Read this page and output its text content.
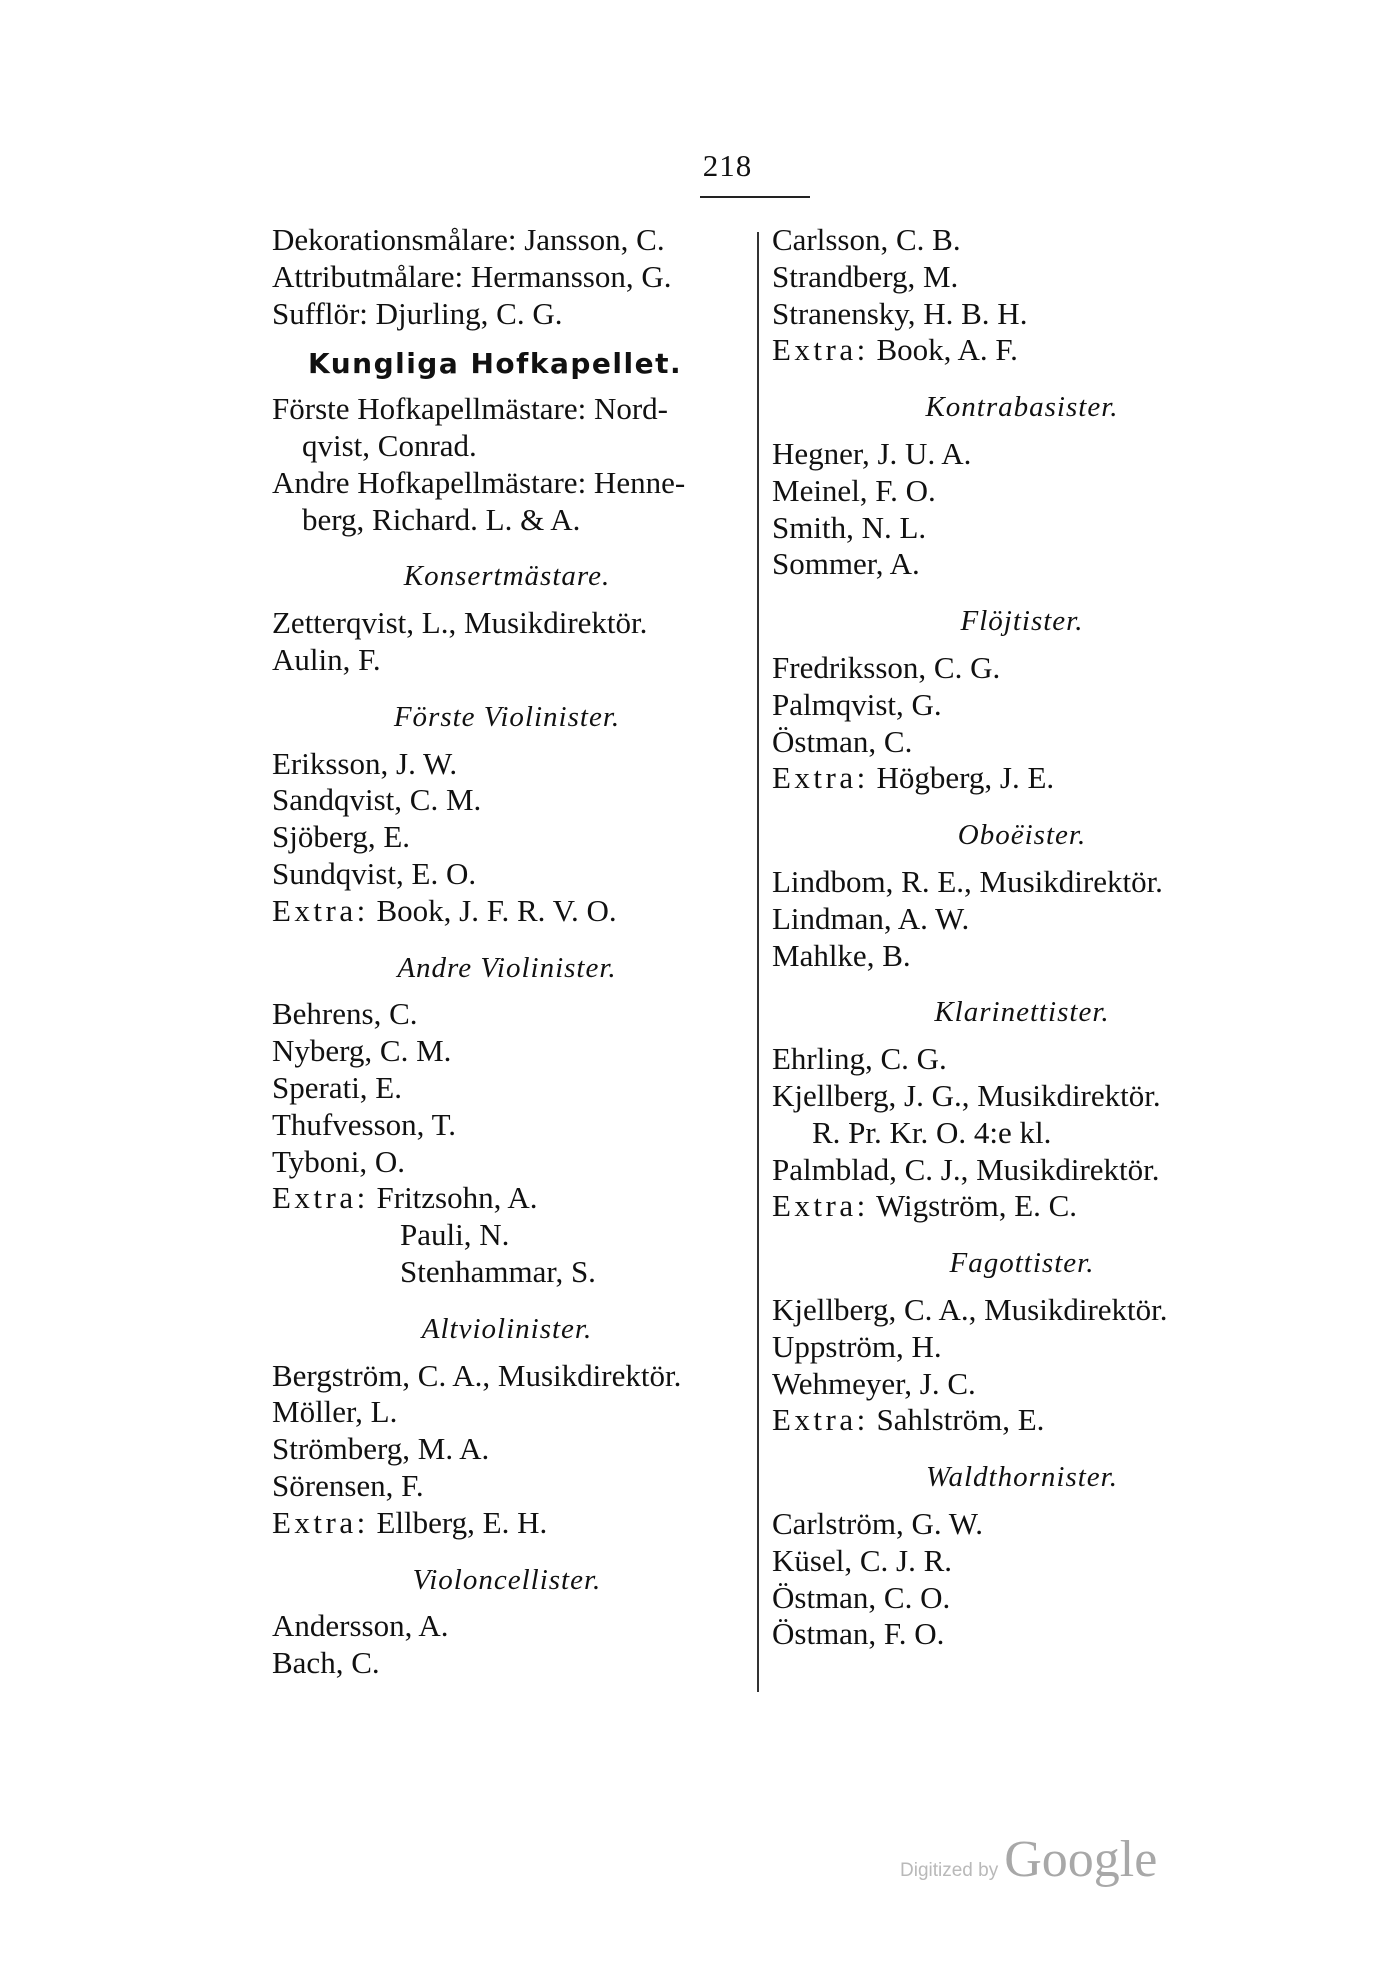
218
Dekorationsmålare: Jansson, C.
Attributmålare: Hermansson, G.
Sufflör: Djurling, C. G.
Kungliga Hofkapellet.
Förste Hofkapellmästare: Nord-
qvist, Conrad.
Andre Hofkapellmästare: Henne-
berg, Richard. L. & A.
Konsertmästare.
Zetterqvist, L., Musikdirektör.
Aulin, F.
Förste Violinister.
Eriksson, J. W.
Sandqvist, C. M.
Sjöberg, E.
Sundqvist, E. O.
Extra: Book, J. F. R. V. O.
Andre Violinister.
Behrens, C.
Nyberg, C. M.
Sperati, E.
Thufvesson, T.
Tyboni, O.
Extra: Fritzsohn, A.
Pauli, N.
Stenhammar, S.
Altviolinister.
Bergström, C. A., Musikdirektör.
Möller, L.
Strömberg, M. A.
Sörensen, F.
Extra: Ellberg, E. H.
Violoncellister.
Andersson, A.
Bach, C.
Carlsson, C. B.
Strandberg, M.
Stranensky, H. B. H.
Extra: Book, A. F.
Kontrabasister.
Hegner, J. U. A.
Meinel, F. O.
Smith, N. L.
Sommer, A.
Flöjtister.
Fredriksson, C. G.
Palmqvist, G.
Östman, C.
Extra: Högberg, J. E.
Oboëister.
Lindbom, R. E., Musikdirektör.
Lindman, A. W.
Mahlke, B.
Klarinettister.
Ehrling, C. G.
Kjellberg, J. G., Musikdirektör.
R. Pr. Kr. O. 4:e kl.
Palmblad, C. J., Musikdirektör.
Extra: Wigström, E. C.
Fagottister.
Kjellberg, C. A., Musikdirektör.
Uppström, H.
Wehmeyer, J. C.
Extra: Sahlström, E.
Waldthornister.
Carlström, G. W.
Küsel, C. J. R.
Östman, C. O.
Östman, F. O.
Digitized by Google
